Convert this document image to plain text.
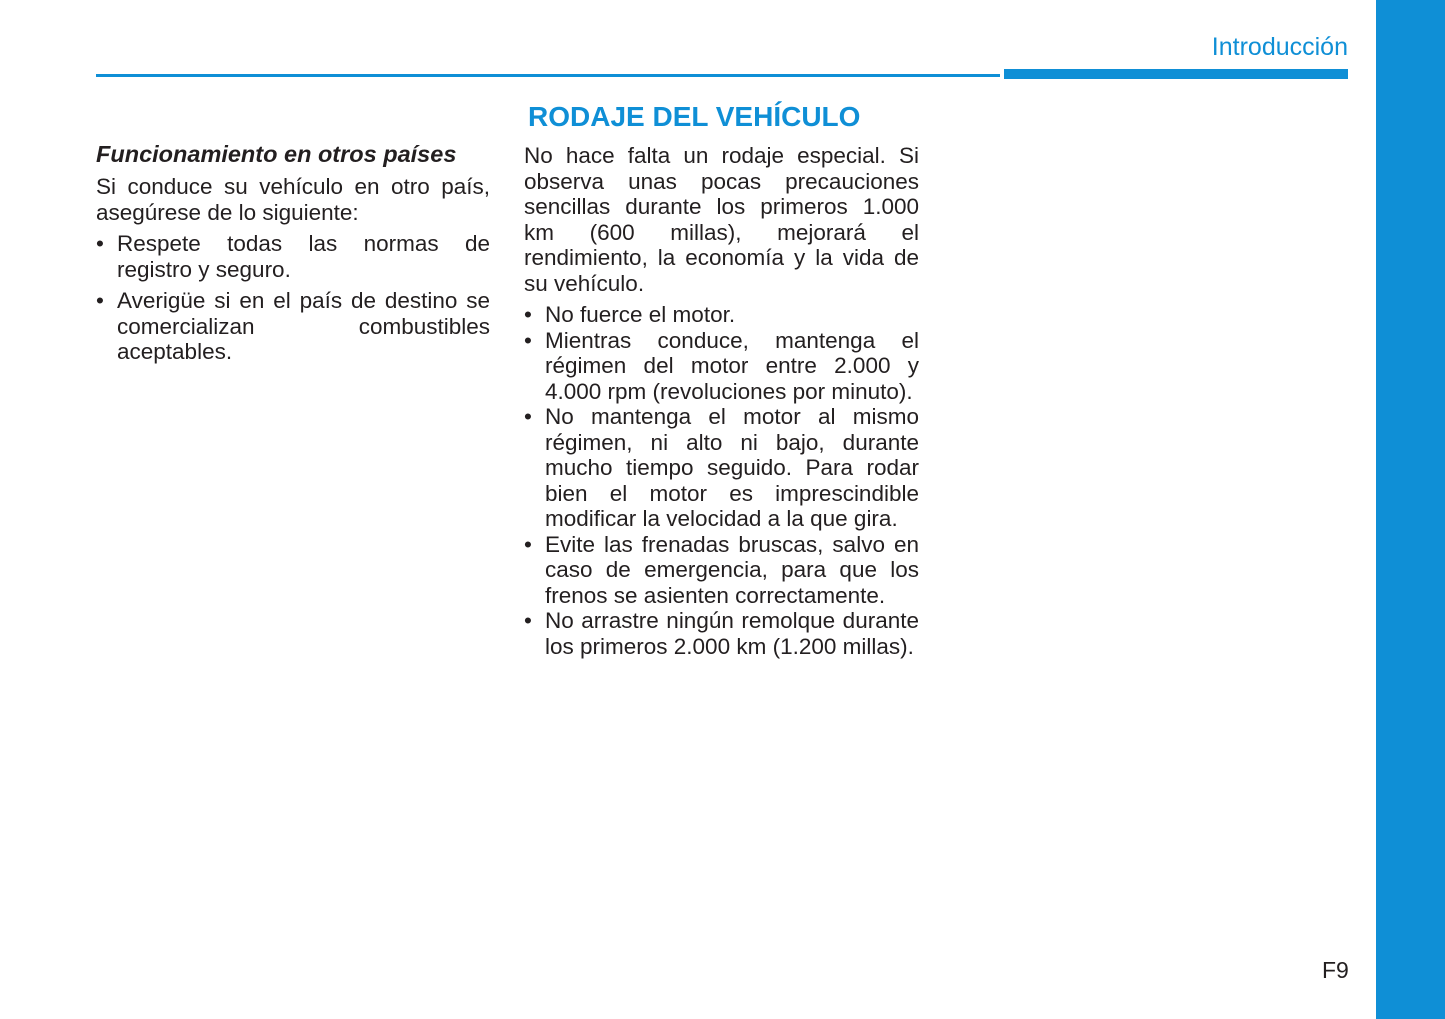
Introducción
Funcionamiento en otros países

Si conduce su vehículo en otro país, asegúrese de lo siguiente:

• Respete todas las normas de registro y seguro.
• Averigüe si en el país de destino se comercializan combustibles aceptables.
RODAJE DEL VEHÍCULO

No hace falta un rodaje especial. Si observa unas pocas precauciones sencillas durante los primeros 1.000 km (600 millas), mejorará el rendimiento, la economía y la vida de su vehículo.

• No fuerce el motor.
• Mientras conduce, mantenga el régimen del motor entre 2.000 y 4.000 rpm (revoluciones por minuto).
• No mantenga el motor al mismo régimen, ni alto ni bajo, durante mucho tiempo seguido. Para rodar bien el motor es imprescindible modificar la velocidad a la que gira.
• Evite las frenadas bruscas, salvo en caso de emergencia, para que los frenos se asienten correctamente.
• No arrastre ningún remolque durante los primeros 2.000 km (1.200 millas).
F9
